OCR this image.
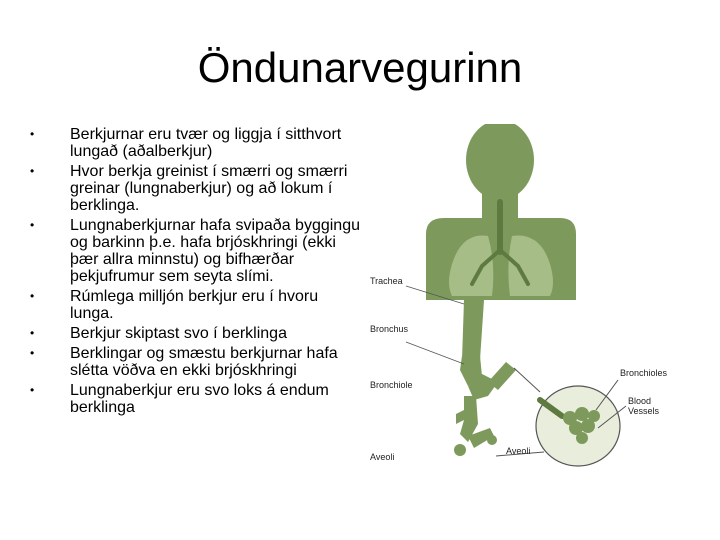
Öndunarvegurinn
•	Berkjurnar eru tvær og liggja í sitthvort lungað (aðalberkjur)
•	Hvor berkja greinist í smærri og smærri greinar (lungnaberkjur) og að lokum í berklinga.
•	Lungnaberkjurnar hafa svipaða byggingu og barkinn þ.e. hafa brjóskhringi (ekki þær allra minnstu) og bifhærðar þekjufrumur sem seyta slími.
•	Rúmlega milljón berkjur eru í hvoru lunga.
•	Berkjur skiptast svo í berklinga
•	Berklingar og smæstu berkjurnar hafa slétta vöðva en ekki brjóskhringi
•	Lungnaberkjur eru svo loks á endum berklinga
Trachea
Bronchus
Bronchiole
Aveoli
Aveoli
Bronchioles
Blood
Vessels
